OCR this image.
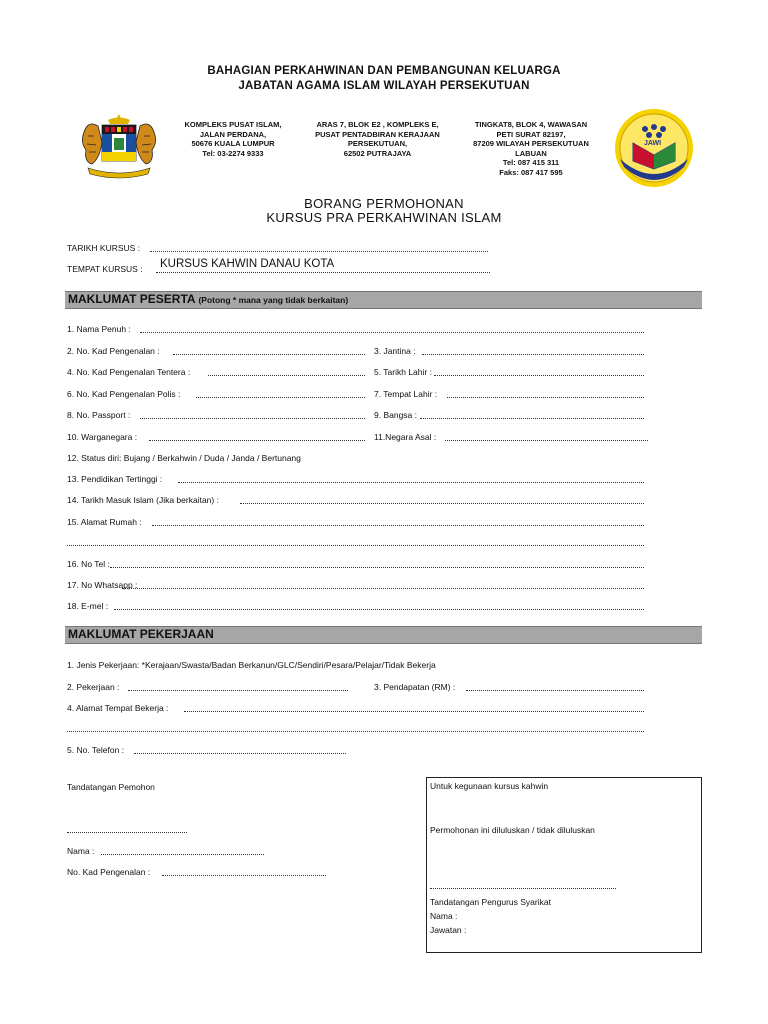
BAHAGIAN PERKAHWINAN DAN PEMBANGUNAN KELUARGA
JABATAN AGAMA ISLAM WILAYAH PERSEKUTUAN
KOMPLEKS PUSAT ISLAM,
JALAN PERDANA,
50676 KUALA LUMPUR
Tel: 03-2274 9333
ARAS 7, BLOK E2 , KOMPLEKS E,
PUSAT PENTADBIRAN KERAJAAN
PERSEKUTUAN,
62502 PUTRAJAYA
TINGKAT8, BLOK 4, WAWASAN
PETI SURAT 82197,
87209 WILAYAH PERSEKUTUAN
LABUAN
Tel: 087 415 311
Faks: 087 417 595
JAWI
BORANG PERMOHONAN
KURSUS PRA PERKAHWINAN ISLAM
TARIKH KURSUS :
TEMPAT KURSUS : KURSUS KAHWIN DANAU KOTA
MAKLUMAT PESERTA (Potong * mana yang tidak berkaitan)
1. Nama Penuh :
2. No. Kad Pengenalan :	3. Jantina :
4. No. Kad Pengenalan Tentera :	5. Tarikh Lahir :
6. No. Kad Pengenalan Polis :	7. Tempat Lahir :
8. No. Passport :	9. Bangsa :
10. Warganegara :	11.Negara Asal :
12. Status diri: Bujang / Berkahwin / Duda / Janda / Bertunang
13. Pendidikan Tertinggi :
14. Tarikh Masuk Islam (Jika berkaitan) :
15. Alamat Rumah :
16. No Tel :
17. No Whatsapp :
18. E-mel :
MAKLUMAT PEKERJAAN
1. Jenis Pekerjaan: *Kerajaan/Swasta/Badan Berkanun/GLC/Sendiri/Pesara/Pelajar/Tidak Bekerja
2. Pekerjaan :	3. Pendapatan (RM) :
4. Alamat Tempat Bekerja :
5. No. Telefon :
Tandatangan Pemohon
Nama :
No. Kad Pengenalan :
Untuk kegunaan kursus kahwin
Permohonan ini diluluskan / tidak diluluskan
Tandatangan Pengurus Syarikat
Nama :
Jawatan :
